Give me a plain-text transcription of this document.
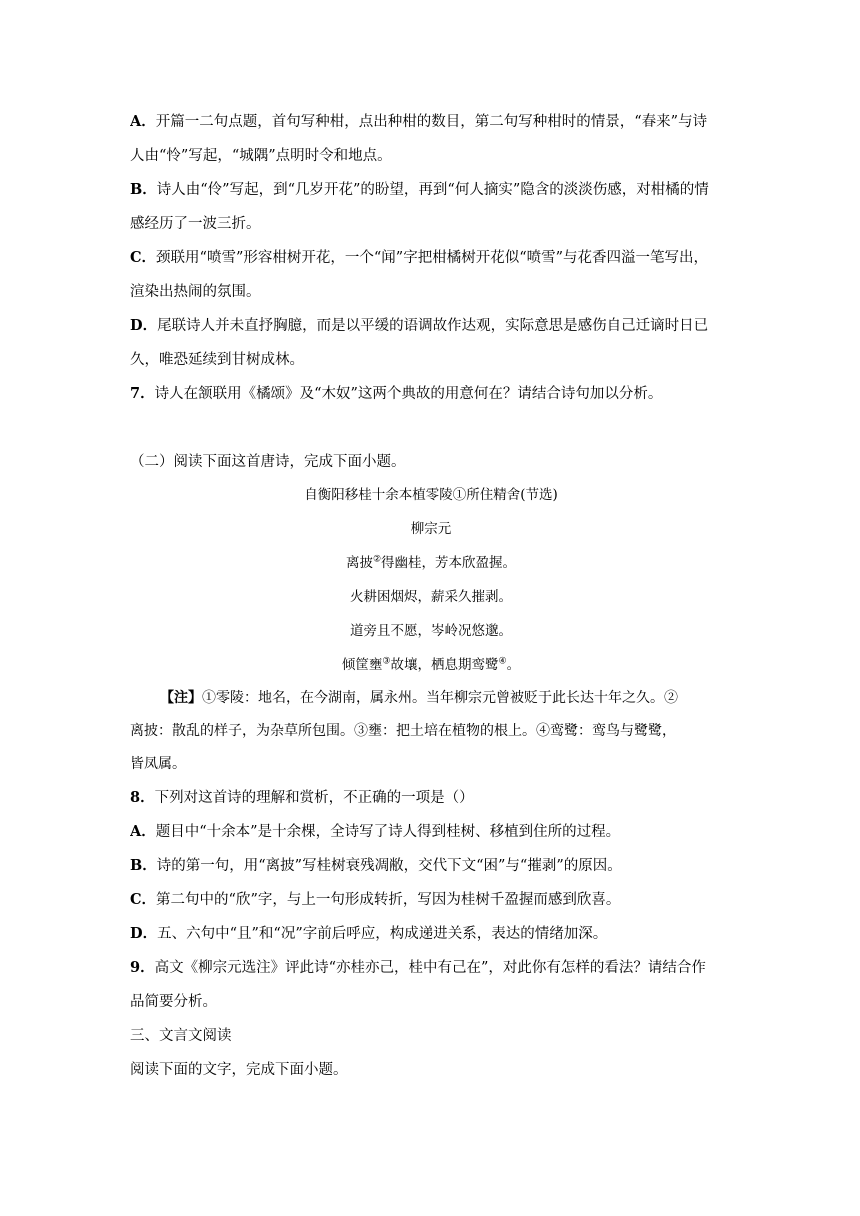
A．开篇一二句点题，首句写种柑，点出种柑的数目，第二句写种柑时的情景，“春来”与诗
人由“怜”写起，“城隅”点明时令和地点。
B．诗人由“伶”写起，到“几岁开花”的盼望，再到“何人摘实”隐含的淡淡伤感，对柑橘的情
感经历了一波三折。
C．颈联用“喷雪”形容柑树开花，一个“闻”字把柑橘树开花似“喷雪”与花香四溢一笔写出，
渲染出热闹的氛围。
D．尾联诗人并未直抒胸臆，而是以平缓的语调故作达观，实际意思是感伤自己迁谪时日已
久，唯恐延续到甘树成林。
7．诗人在颔联用《橘颂》及“木奴”这两个典故的用意何在？请结合诗句加以分析。
（二）阅读下面这首唐诗，完成下面小题。
自衡阳移桂十余本植零陵①所住精舍(节选)
柳宗元
离披②得幽桂，芳本欣盈握。
火耕困烟烬，薪采久摧剥。
道旁且不愿，岑岭况悠邈。
倾筐壅③故壤，栖息期鸾鹭④。
【注】①零陵：地名，在今湖南，属永州。当年柳宗元曾被贬于此长达十年之久。②
离披：散乱的样子，为杂草所包围。③壅：把土培在植物的根上。④鸾鹭：鸾鸟与鹭鹭，
皆凤属。
8．下列对这首诗的理解和赏析，不正确的一项是（）
A．题目中“十余本”是十余棵，全诗写了诗人得到桂树、移植到住所的过程。
B．诗的第一句，用“离披”写桂树衰残凋敝，交代下文“困”与“摧剥”的原因。
C．第二句中的“欣”字，与上一句形成转折，写因为桂树千盈握而感到欣喜。
D．五、六句中“且”和“况”字前后呼应，构成递进关系，表达的情绪加深。
9．高文《柳宗元选注》评此诗“亦桂亦己，桂中有己在”，对此你有怎样的看法？请结合作
品简要分析。
三、文言文阅读
阅读下面的文字，完成下面小题。
